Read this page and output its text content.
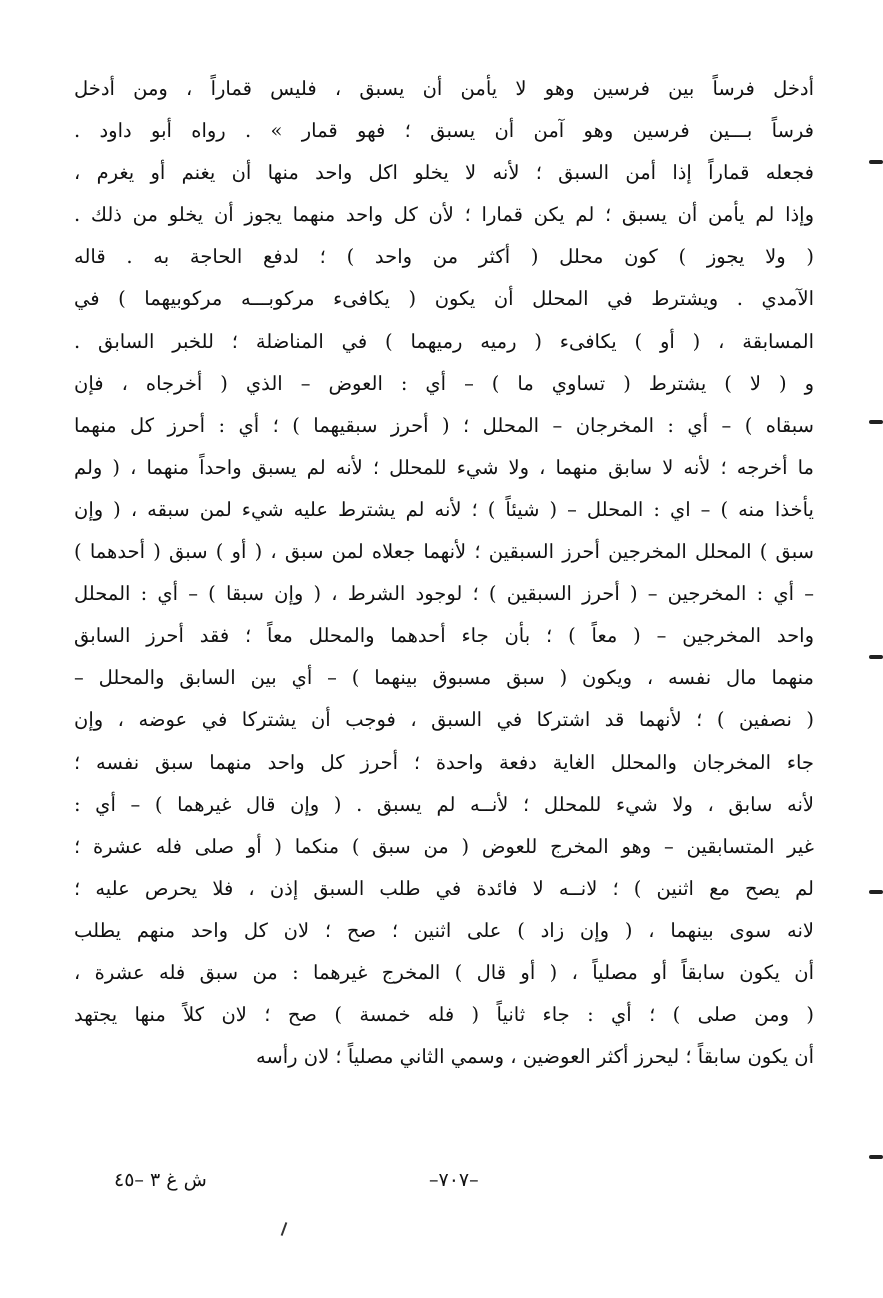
أدخل فرساً بين فرسين وهو لا يأمن أن يسبق ، فليس قماراً ، ومن أدخل
فرساً بـــين فرسين وهو آمن أن يسبق ؛ فهو قمار » . رواه أبو داود .
فجعله قماراً إذا أمن السبق ؛ لأنه لا يخلو اكل واحد منها أن يغنم أو يغرم ،
وإذا لم يأمن أن يسبق ؛ لم يكن قمارا ؛ لأن كل واحد منهما يجوز أن يخلو من ذلك .
( ولا يجوز ) كون محلل ( أكثر من واحد ) ؛ لدفع الحاجة به . قاله
الآمدي . ويشترط في المحلل أن يكون ( يكافىء مركوبـــه مركوبيهما ) في
المسابقة ، ( أو ) يكافىء ( رميه رميهما ) في المناضلة ؛ للخبر السابق .
و ( لا ) يشترط ( تساوي ما ) – أي : العوض – الذي ( أخرجاه ، فإن
سبقاه ) – أي : المخرجان – المحلل ؛ ( أحرز سبقيهما ) ؛ أي : أحرز كل منهما
ما أخرجه ؛ لأنه لا سابق منهما ، ولا شيء للمحلل ؛ لأنه لم يسبق واحداً منهما ، ( ولم
يأخذا منه ) – اي : المحلل – ( شيئاً ) ؛ لأنه لم يشترط عليه شيء لمن سبقه ، ( وإن
سبق ) المحلل المخرجين أحرز السبقين ؛ لأنهما جعلاه لمن سبق ، ( أو ) سبق ( أحدهما )
– أي : المخرجين – ( أحرز السبقين ) ؛ لوجود الشرط ، ( وإن سبقا ) – أي : المحلل
واحد المخرجين – ( معاً ) ؛ بأن جاء أحدهما والمحلل معاً ؛ فقد أحرز السابق
منهما مال نفسه ، ويكون ( سبق مسبوق بينهما ) – أي بين السابق والمحلل –
( نصفين ) ؛ لأنهما قد اشتركا في السبق ، فوجب أن يشتركا في عوضه ، وإن
جاء المخرجان والمحلل الغاية دفعة واحدة ؛ أحرز كل واحد منهما سبق نفسه ؛
لأنه سابق ، ولا شيء للمحلل ؛ لأنــه لم يسبق . ( وإن قال غيرهما ) – أي :
غير المتسابقين – وهو المخرج للعوض ( من سبق ) منكما ( أو صلى فله عشرة ؛
لم يصح مع اثنين ) ؛ لانــه لا فائدة في طلب السبق إذن ، فلا يحرص عليه ؛
لانه سوى بينهما ، ( وإن زاد ) على اثنين ؛ صح ؛ لان كل واحد منهم يطلب
أن يكون سابقاً أو مصلياً ، ( أو قال ) المخرج غيرهما : من سبق فله عشرة ،
( ومن صلى ) ؛ أي : جاء ثانياً ( فله خمسة ) صح ؛ لان كلاً منها يجتهد
أن يكون سابقاً ؛ ليحرز أكثر العوضين ، وسمي الثاني مصلياً ؛ لان رأسه
–٧٠٧–
ش غ ٣ –٤٥
